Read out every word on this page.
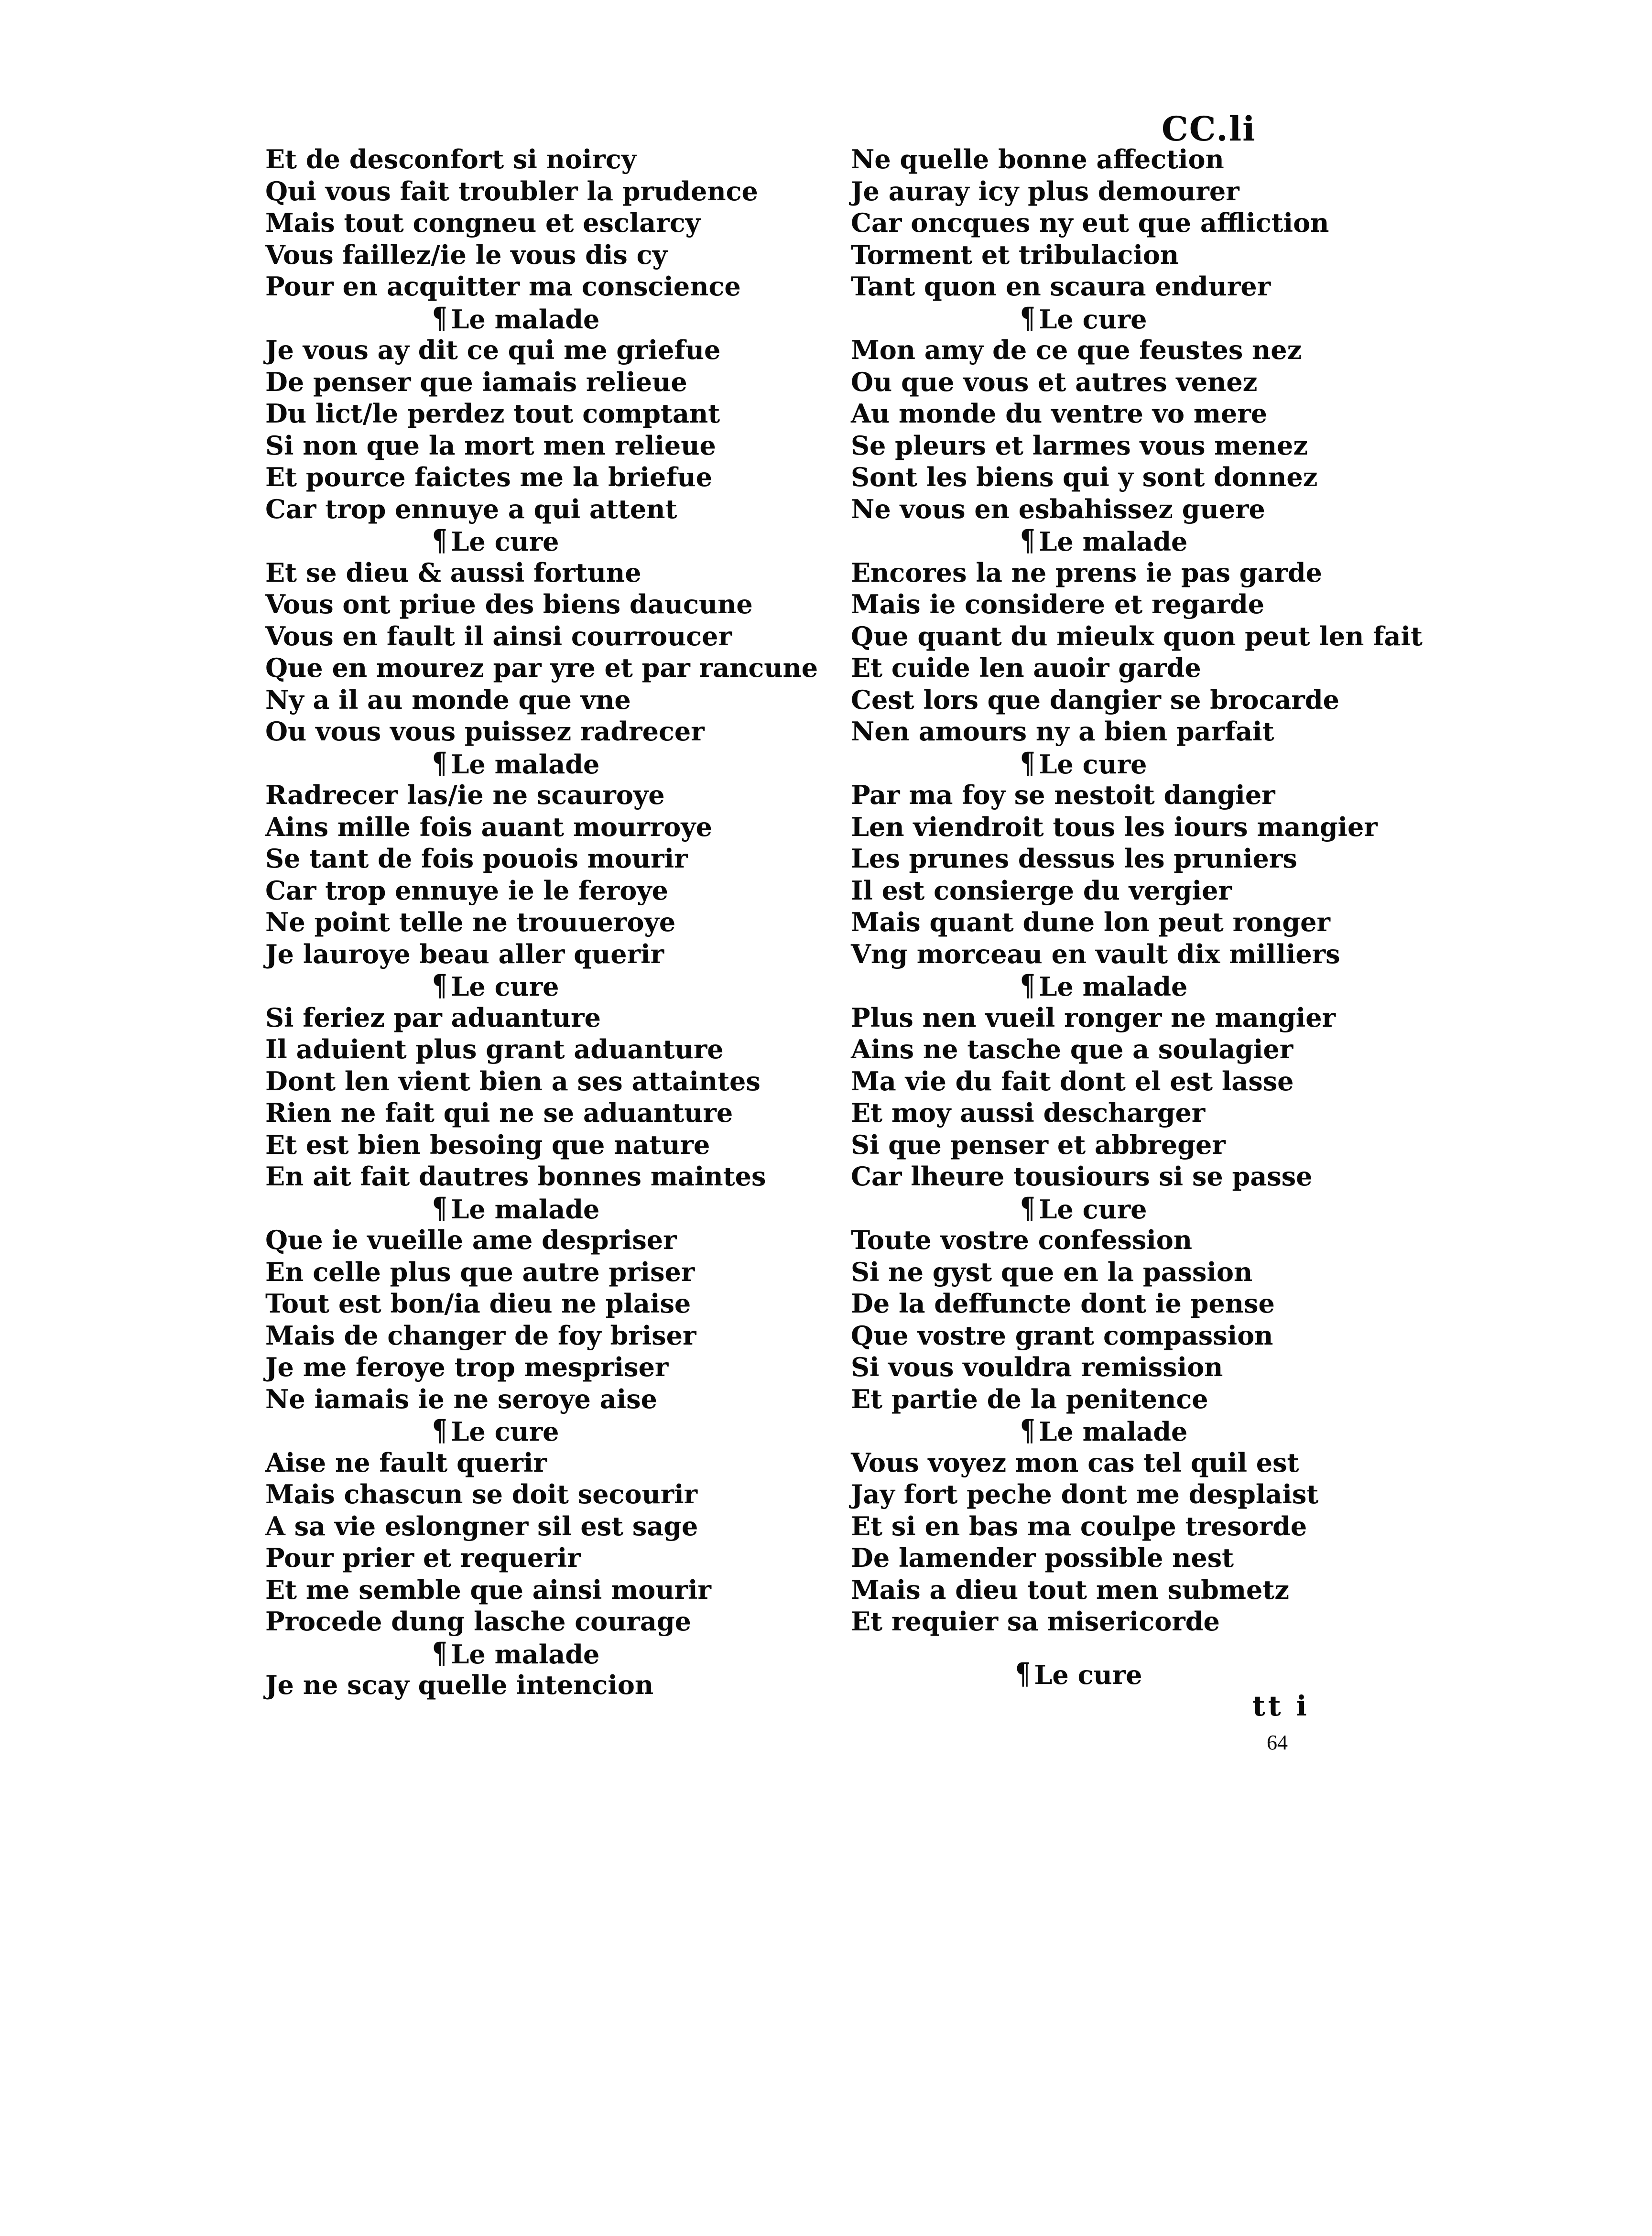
CC.li
Et de desconfort si noircy
Qui vous fait troubler la prudence
Mais tout congneu et esclarcy
Vous faillez/ie le vous dis cy
Pour en acquitter ma conscience
¶ Le malade
Je vous ay dit ce qui me griefue
De penser que iamais relieue
Du lict/le perdez tout comptant
Si non que la mort men relieue
Et pource faictes me la briefue
Car trop ennuye a qui attent
¶ Le cure
Et se dieu & aussi fortune
Vous ont priue des biens daucune
Vous en fault il ainsi courroucer
Que en mourez par yre et par rancune
Ny a il au monde que vne
Ou vous vous puissez radrecer
¶ Le malade
Radrecer las/ie ne scauroye
Ains mille fois auant mourroye
Se tant de fois pouois mourir
Car trop ennuye ie le feroye
Ne point telle ne trouueroye
Je lauroye beau aller querir
¶ Le cure
Si feriez par aduanture
Il aduient plus grant aduanture
Dont len vient bien a ses attaintes
Rien ne fait qui ne se aduanture
Et est bien besoing que nature
En ait fait dautres bonnes maintes
¶ Le malade
Que ie vueille ame despriser
En celle plus que autre priser
Tout est bon/ia dieu ne plaise
Mais de changer de foy briser
Je me feroye trop mespriser
Ne iamais ie ne seroye aise
¶ Le cure
Aise ne fault querir
Mais chascun se doit secourir
A sa vie eslongner sil est sage
Pour prier et requerir
Et me semble que ainsi mourir
Procede dung lasche courage
¶ Le malade
Je ne scay quelle intencion
Ne quelle bonne affection
Je auray icy plus demourer
Car oncques ny eut que affliction
Torment et tribulacion
Tant quon en scaura endurer
¶ Le cure
Mon amy de ce que feustes nez
Ou que vous et autres venez
Au monde du ventre vo mere
Se pleurs et larmes vous menez
Sont les biens qui y sont donnez
Ne vous en esbahissez guere
¶ Le malade
Encores la ne prens ie pas garde
Mais ie considere et regarde
Que quant du mieulx quon peut len fait
Et cuide len auoir garde
Cest lors que dangier se brocarde
Nen amours ny a bien parfait
¶ Le cure
Par ma foy se nestoit dangier
Len viendroit tous les iours mangier
Les prunes dessus les pruniers
Il est consierge du vergier
Mais quant dune lon peut ronger
Vng morceau en vault dix milliers
¶ Le malade
Plus nen vueil ronger ne mangier
Ains ne tasche que a soulagier
Ma vie du fait dont el est lasse
Et moy aussi descharger
Si que penser et abbreger
Car lheure tousiours si se passe
¶ Le cure
Toute vostre confession
Si ne gyst que en la passion
De la deffuncte dont ie pense
Que vostre grant compassion
Si vous vouldra remission
Et partie de la penitence
¶ Le malade
Vous voyez mon cas tel quil est
Jay fort peche dont me desplaist
Et si en bas ma coulpe tresorde
De lamender possible nest
Mais a dieu tout men submetz
Et requier sa misericorde
¶ Le cure
tt i
64
